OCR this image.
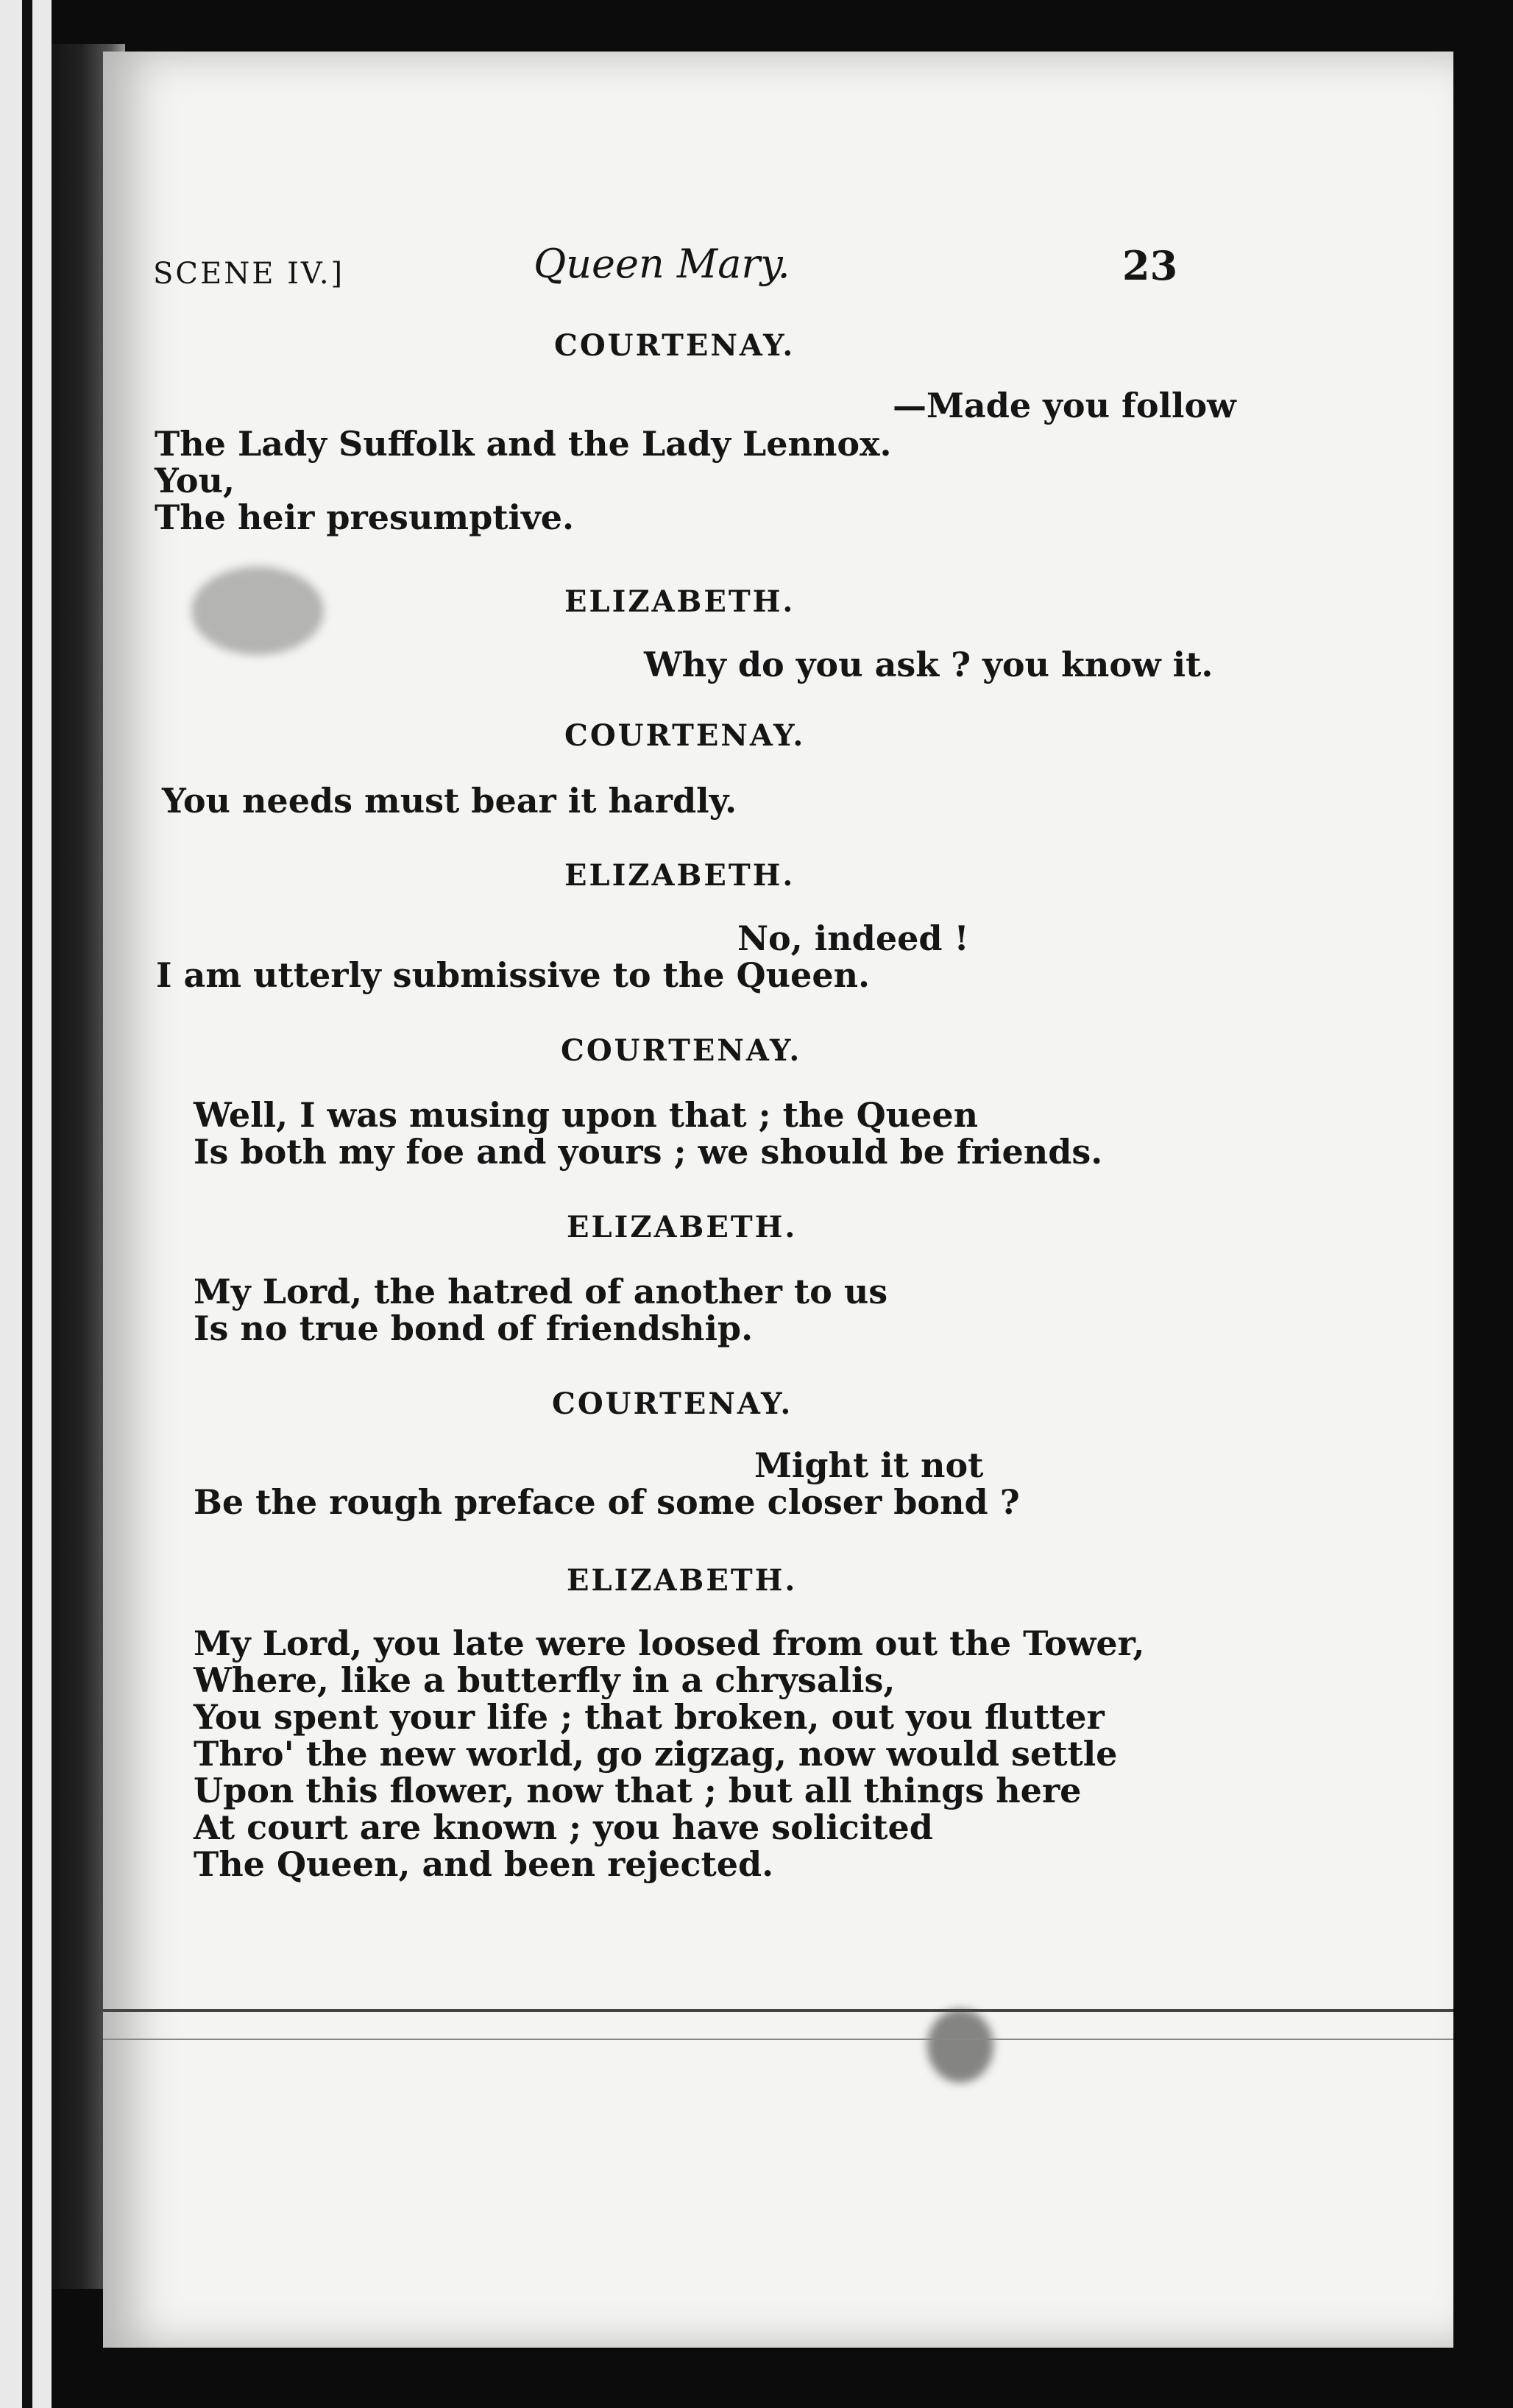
SCENE IV.]	Queen Mary.	23
COURTENAY.
—Made you follow
The Lady Suffolk and the Lady Lennox.
You,
The heir presumptive.
ELIZABETH.
Why do you ask ? you know it.
COURTENAY.
You needs must bear it hardly.
ELIZABETH.
No, indeed !
I am utterly submissive to the Queen.
COURTENAY.
Well, I was musing upon that ; the Queen
Is both my foe and yours ; we should be friends.
ELIZABETH.
My Lord, the hatred of another to us
Is no true bond of friendship.
COURTENAY.
Might it not
Be the rough preface of some closer bond ?
ELIZABETH.
My Lord, you late were loosed from out the Tower,
Where, like a butterfly in a chrysalis,
You spent your life ; that broken, out you flutter
Thro' the new world, go zigzag, now would settle
Upon this flower, now that ; but all things here
At court are known ; you have solicited
The Queen, and been rejected.
